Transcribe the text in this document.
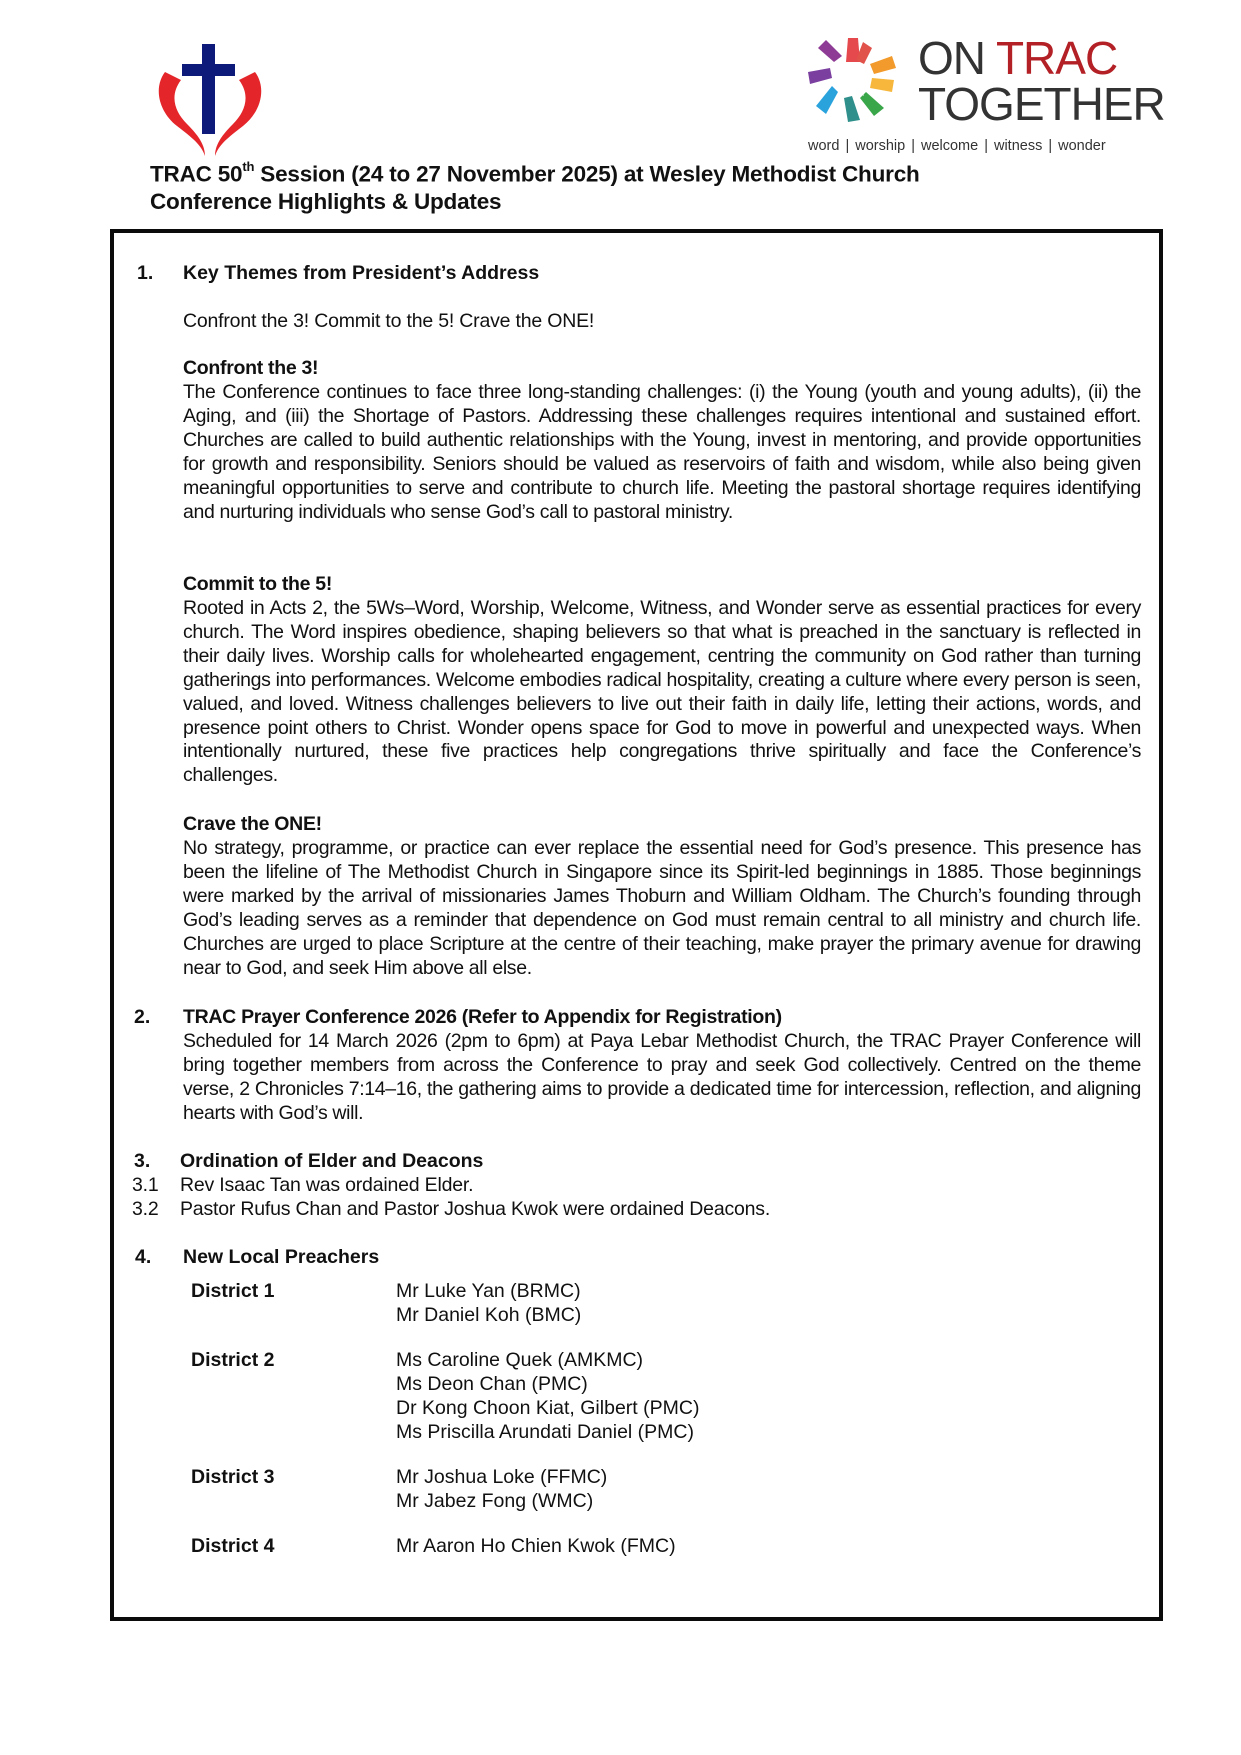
ON TRAC
TOGETHER
word | worship | welcome | witness | wonder
TRAC 50th Session (24 to 27 November 2025) at Wesley Methodist Church
Conference Highlights & Updates
1. Key Themes from President’s Address
Confront the 3! Commit to the 5! Crave the ONE!
Confront the 3!
The Conference continues to face three long-standing challenges: (i) the Young (youth and young adults), (ii) the Aging, and (iii) the Shortage of Pastors. Addressing these challenges requires intentional and sustained effort. Churches are called to build authentic relationships with the Young, invest in mentoring, and provide opportunities for growth and responsibility. Seniors should be valued as reservoirs of faith and wisdom, while also being given meaningful opportunities to serve and contribute to church life. Meeting the pastoral shortage requires identifying and nurturing individuals who sense God’s call to pastoral ministry.
Commit to the 5!
Rooted in Acts 2, the 5Ws–Word, Worship, Welcome, Witness, and Wonder serve as essential practices for every church. The Word inspires obedience, shaping believers so that what is preached in the sanctuary is reflected in their daily lives. Worship calls for wholehearted engagement, centring the community on God rather than turning gatherings into performances. Welcome embodies radical hospitality, creating a culture where every person is seen, valued, and loved. Witness challenges believers to live out their faith in daily life, letting their actions, words, and presence point others to Christ. Wonder opens space for God to move in powerful and unexpected ways. When intentionally nurtured, these five practices help congregations thrive spiritually and face the Conference’s challenges.
Crave the ONE!
No strategy, programme, or practice can ever replace the essential need for God’s presence. This presence has been the lifeline of The Methodist Church in Singapore since its Spirit-led beginnings in 1885. Those beginnings were marked by the arrival of missionaries James Thoburn and William Oldham. The Church’s founding through God’s leading serves as a reminder that dependence on God must remain central to all ministry and church life. Churches are urged to place Scripture at the centre of their teaching, make prayer the primary avenue for drawing near to God, and seek Him above all else.
2. TRAC Prayer Conference 2026 (Refer to Appendix for Registration)
Scheduled for 14 March 2026 (2pm to 6pm) at Paya Lebar Methodist Church, the TRAC Prayer Conference will bring together members from across the Conference to pray and seek God collectively. Centred on the theme verse, 2 Chronicles 7:14–16, the gathering aims to provide a dedicated time for intercession, reflection, and aligning hearts with God’s will.
3. Ordination of Elder and Deacons
3.1 Rev Isaac Tan was ordained Elder.
3.2 Pastor Rufus Chan and Pastor Joshua Kwok were ordained Deacons.
4. New Local Preachers
District 1	Mr Luke Yan (BRMC)
Mr Daniel Koh (BMC)
District 2	Ms Caroline Quek (AMKMC)
Ms Deon Chan (PMC)
Dr Kong Choon Kiat, Gilbert (PMC)
Ms Priscilla Arundati Daniel (PMC)
District 3	Mr Joshua Loke (FFMC)
Mr Jabez Fong (WMC)
District 4	Mr Aaron Ho Chien Kwok (FMC)
